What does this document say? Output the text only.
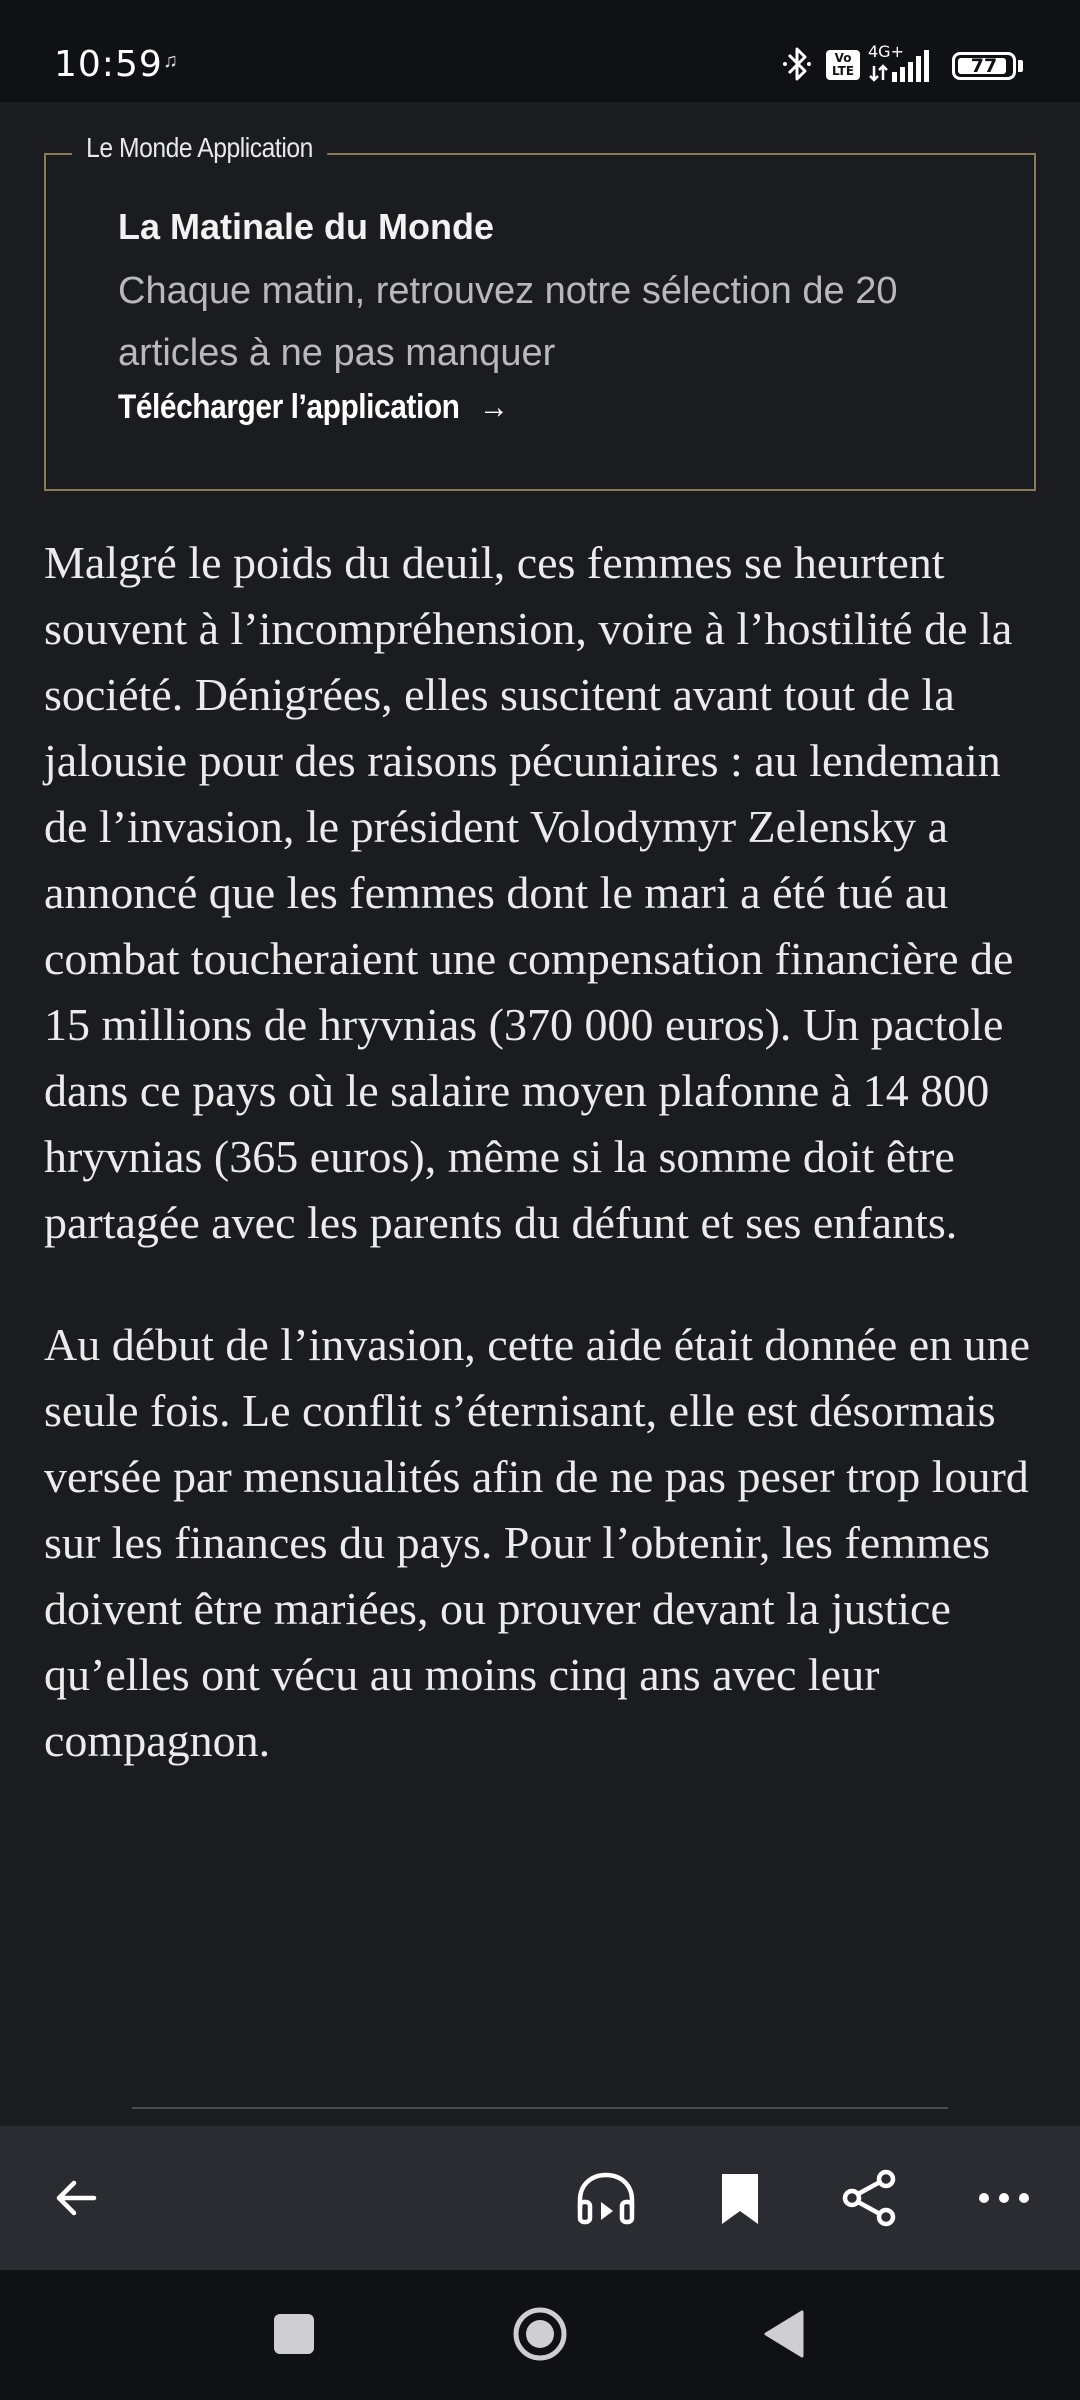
10:59 ♫	Vo LTE
4G+
77
Le Monde Application
La Matinale du Monde
Chaque matin, retrouvez notre sélection de 20 articles à ne pas manquer
Télécharger l’application →

Malgré le poids du deuil, ces femmes se heurtent souvent à l’incompréhension, voire à l’hostilité de la société. Dénigrées, elles suscitent avant tout de la jalousie pour des raisons pécuniaires : au lendemain de l’invasion, le président Volodymyr Zelensky a annoncé que les femmes dont le mari a été tué au combat toucheraient une compensation financière de 15 millions de hryvnias (370 000 euros). Un pactole dans ce pays où le salaire moyen plafonne à 14 800 hryvnias (365 euros), même si la somme doit être partagée avec les parents du défunt et ses enfants.

Au début de l’invasion, cette aide était donnée en une seule fois. Le conflit s’éternisant, elle est désormais versée par mensualités afin de ne pas peser trop lourd sur les finances du pays. Pour l’obtenir, les femmes doivent être mariées, ou prouver devant la justice qu’elles ont vécu au moins cinq ans avec leur compagnon.
